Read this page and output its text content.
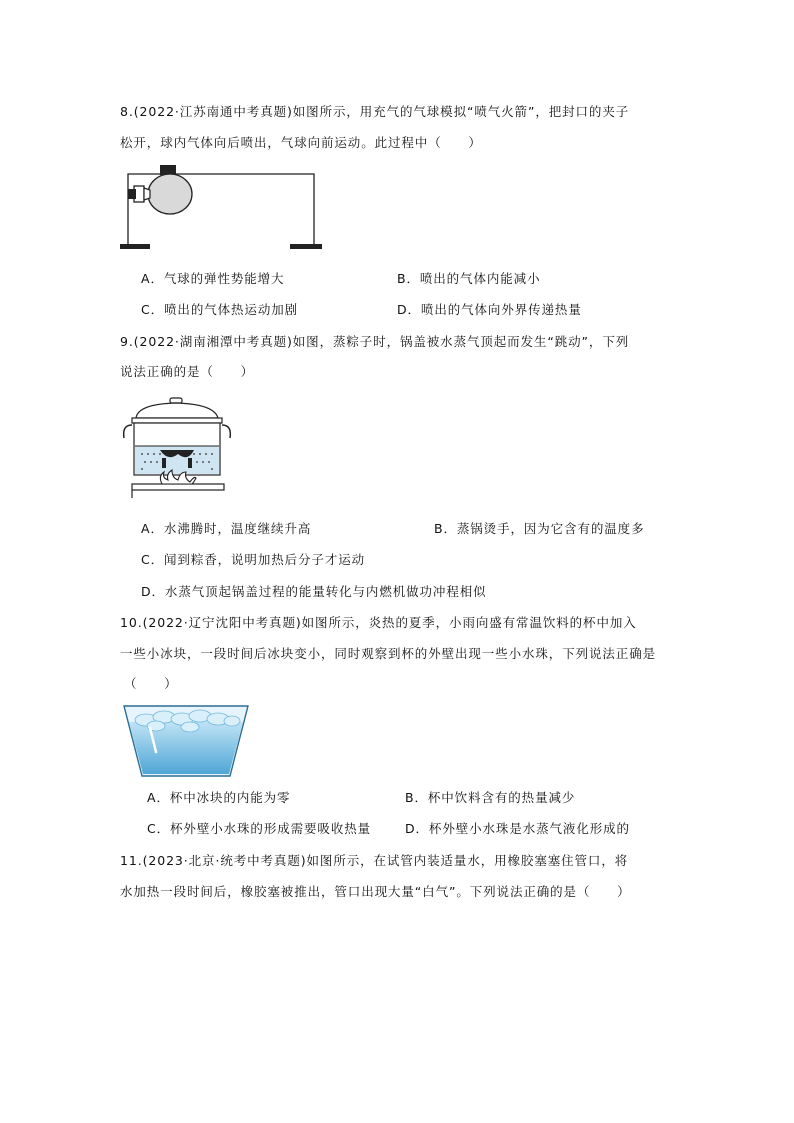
8.(2022·江苏南通中考真题)如图所示，用充气的气球模拟“喷气火箭”，把封口的夹子
松开，球内气体向后喷出，气球向前运动。此过程中（　　）
A．气球的弹性势能增大	B．喷出的气体内能减小
C．喷出的气体热运动加剧	D．喷出的气体向外界传递热量
9.(2022·湖南湘潭中考真题)如图，蒸粽子时，锅盖被水蒸气顶起而发生“跳动”，下列
说法正确的是（　　）
A．水沸腾时，温度继续升高	B．蒸锅烫手，因为它含有的温度多
C．闻到粽香，说明加热后分子才运动
D．水蒸气顶起锅盖过程的能量转化与内燃机做功冲程相似
10.(2022·辽宁沈阳中考真题)如图所示，炎热的夏季，小雨向盛有常温饮料的杯中加入
一些小冰块，一段时间后冰块变小，同时观察到杯的外壁出现一些小水珠，下列说法正确是
（　　）
A．杯中冰块的内能为零	B．杯中饮料含有的热量减少
C．杯外壁小水珠的形成需要吸收热量	D．杯外壁小水珠是水蒸气液化形成的
11.(2023·北京·统考中考真题)如图所示，在试管内装适量水，用橡胶塞塞住管口，将
水加热一段时间后，橡胶塞被推出，管口出现大量“白气”。下列说法正确的是（　　）
